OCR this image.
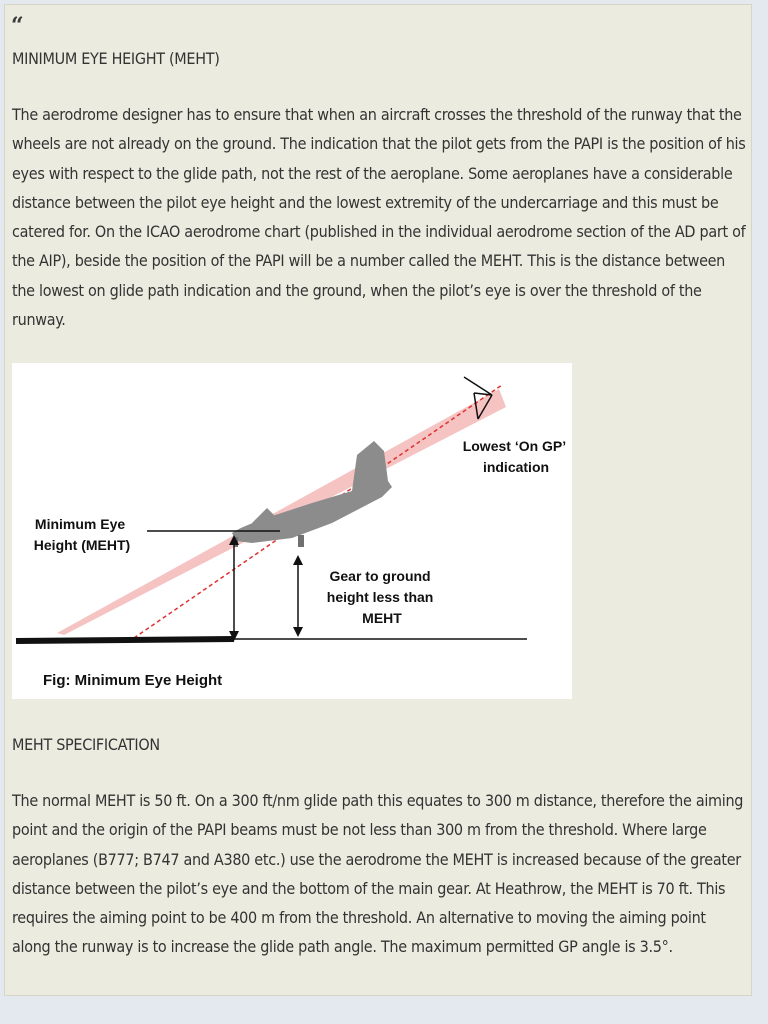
“
MINIMUM EYE HEIGHT (MEHT)

The aerodrome designer has to ensure that when an aircraft crosses the threshold of the runway that the wheels are not already on the ground. The indication that the pilot gets from the PAPI is the position of his eyes with respect to the glide path, not the rest of the aeroplane. Some aeroplanes have a considerable distance between the pilot eye height and the lowest extremity of the undercarriage and this must be catered for. On the ICAO aerodrome chart (published in the individual aerodrome section of the AD part of the AIP), beside the position of the PAPI will be a number called the MEHT. This is the distance between the lowest on glide path indication and the ground, when the pilot’s eye is over the threshold of the runway.

Lowest ‘On GP’ indication
Minimum Eye Height (MEHT)
Gear to ground height less than MEHT
Fig: Minimum Eye Height
MEHT SPECIFICATION

The normal MEHT is 50 ft. On a 300 ft/nm glide path this equates to 300 m distance, therefore the aiming point and the origin of the PAPI beams must be not less than 300 m from the threshold. Where large aeroplanes (B777; B747 and A380 etc.) use the aerodrome the MEHT is increased because of the greater distance between the pilot’s eye and the bottom of the main gear. At Heathrow, the MEHT is 70 ft. This requires the aiming point to be 400 m from the threshold. An alternative to moving the aiming point along the runway is to increase the glide path angle. The maximum permitted GP angle is 3.5°.
